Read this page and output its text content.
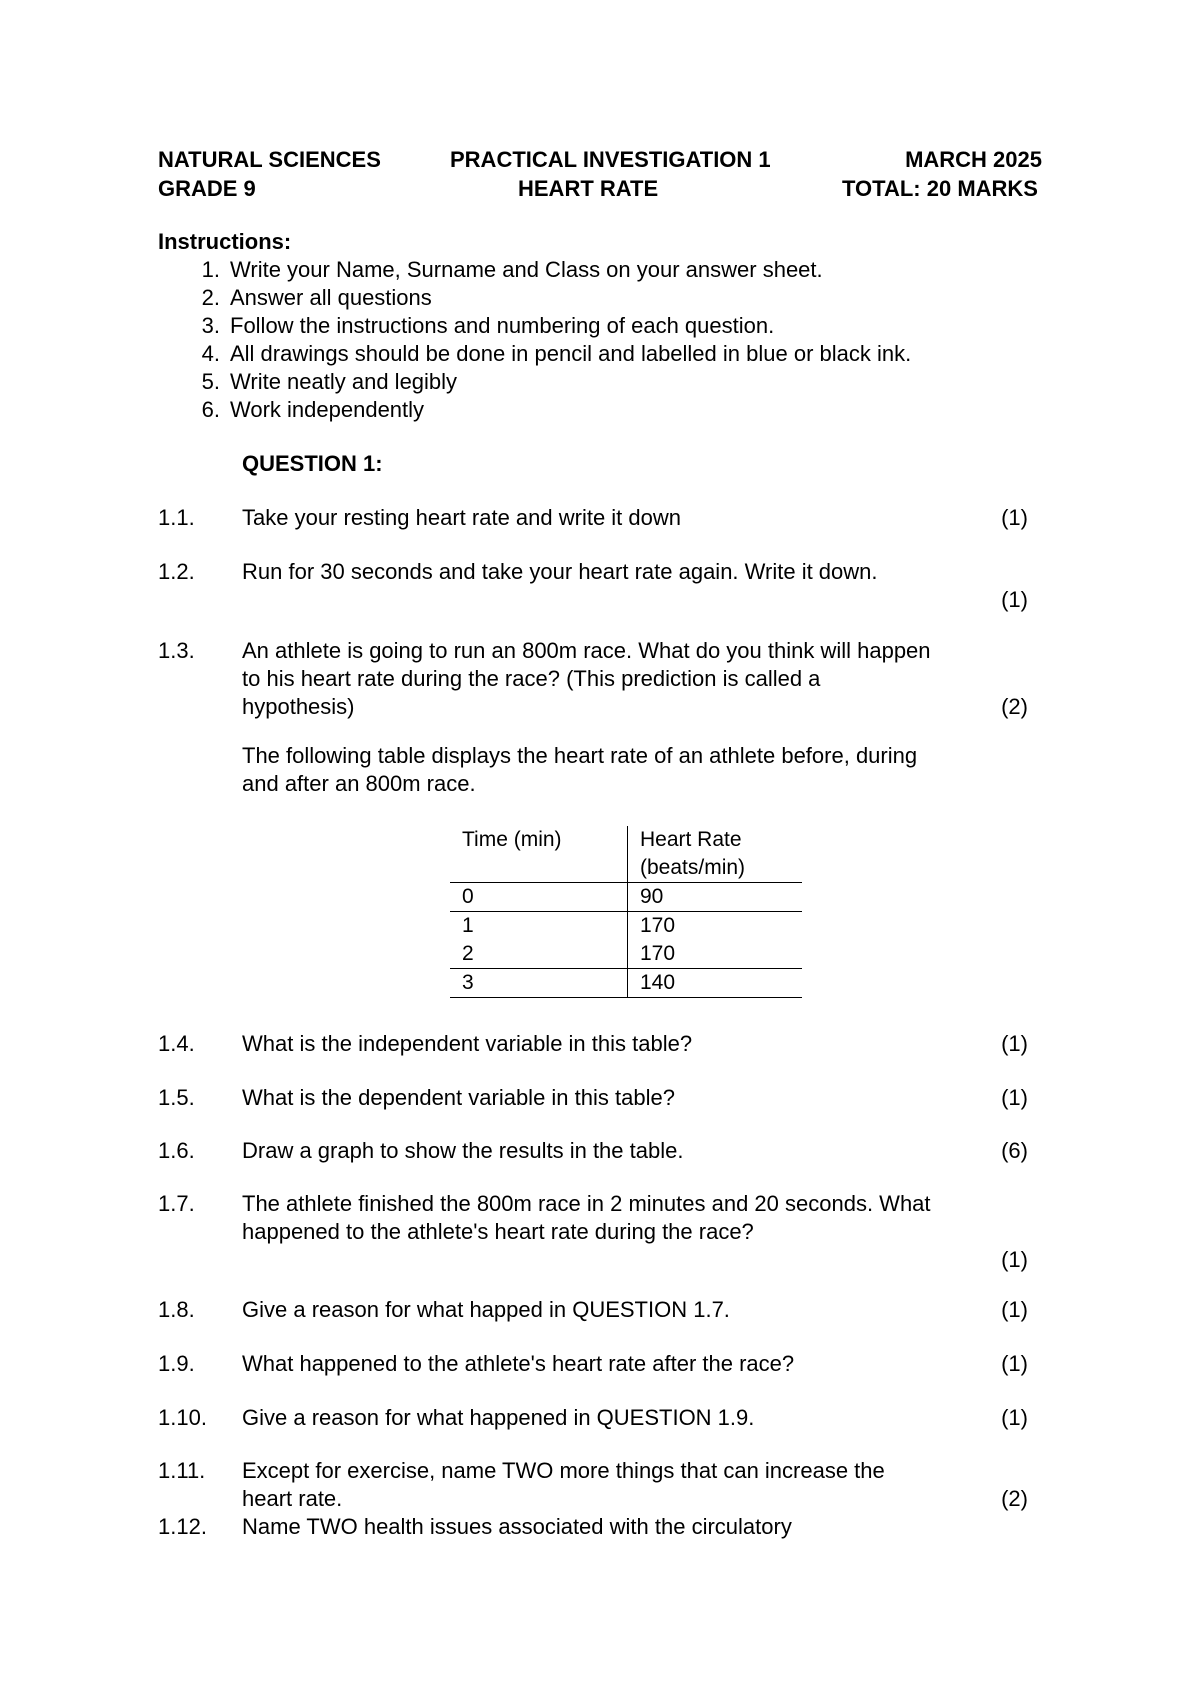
NATURAL SCIENCES	PRACTICAL INVESTIGATION 1	MARCH 2025
GRADE 9	HEART RATE	TOTAL: 20 MARKS
Instructions:
1. Write your Name, Surname and Class on your answer sheet.
2. Answer all questions
3. Follow the instructions and numbering of each question.
4. All drawings should be done in pencil and labelled in blue or black ink.
5. Write neatly and legibly
6. Work independently
QUESTION 1:
1.1. Take your resting heart rate and write it down	(1)
1.2. Run for 30 seconds and take your heart rate again. Write it down.
(1)
1.3. An athlete is going to run an 800m race. What do you think will happen to his heart rate during the race? (This prediction is called a hypothesis)	(2)
The following table displays the heart rate of an athlete before, during and after an 800m race.
Time (min)	Heart Rate (beats/min)
0	90
1	170
2	170
3	140
1.4. What is the independent variable in this table?	(1)
1.5. What is the dependent variable in this table?	(1)
1.6. Draw a graph to show the results in the table.	(6)
1.7. The athlete finished the 800m race in 2 minutes and 20 seconds. What happened to the athlete's heart rate during the race?
(1)
1.8. Give a reason for what happed in QUESTION 1.7.	(1)
1.9. What happened to the athlete's heart rate after the race?	(1)
1.10. Give a reason for what happened in QUESTION 1.9.	(1)
1.11. Except for exercise, name TWO more things that can increase the heart rate.	(2)
1.12. Name TWO health issues associated with the circulatory
